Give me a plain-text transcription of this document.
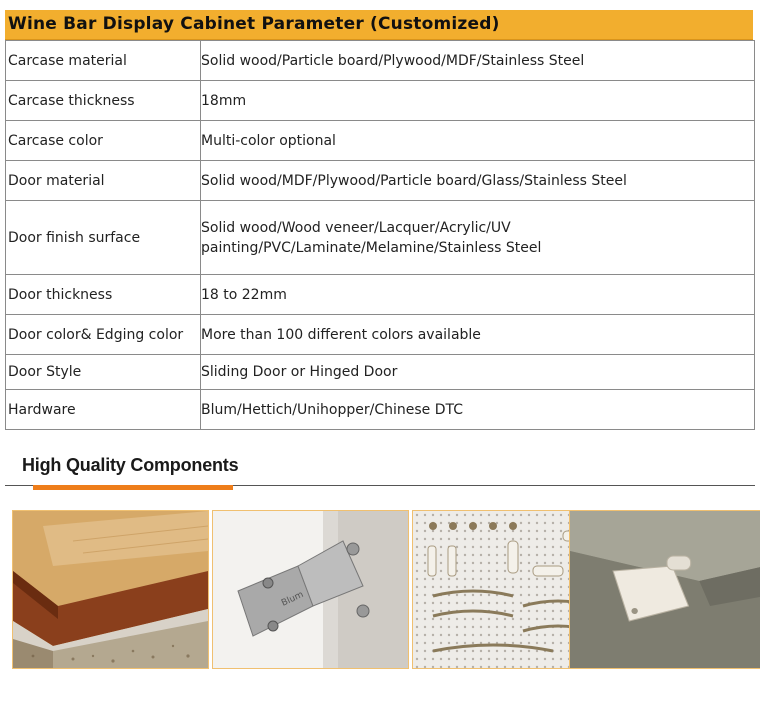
Wine Bar Display Cabinet Parameter (Customized)
Carcase material	Solid wood/Particle board/Plywood/MDF/Stainless Steel
Carcase thickness	18mm
Carcase color	Multi-color optional
Door material	Solid wood/MDF/Plywood/Particle board/Glass/Stainless Steel
Door finish surface	Solid wood/Wood veneer/Lacquer/Acrylic/UV
painting/PVC/Laminate/Melamine/Stainless Steel

Door thickness	18 to 22mm
Door color& Edging color	More than 100 different colors available
Door Style	Sliding Door or Hinged Door
Hardware	Blum/Hettich/Unihopper/Chinese DTC
High Quality Components
Blum
